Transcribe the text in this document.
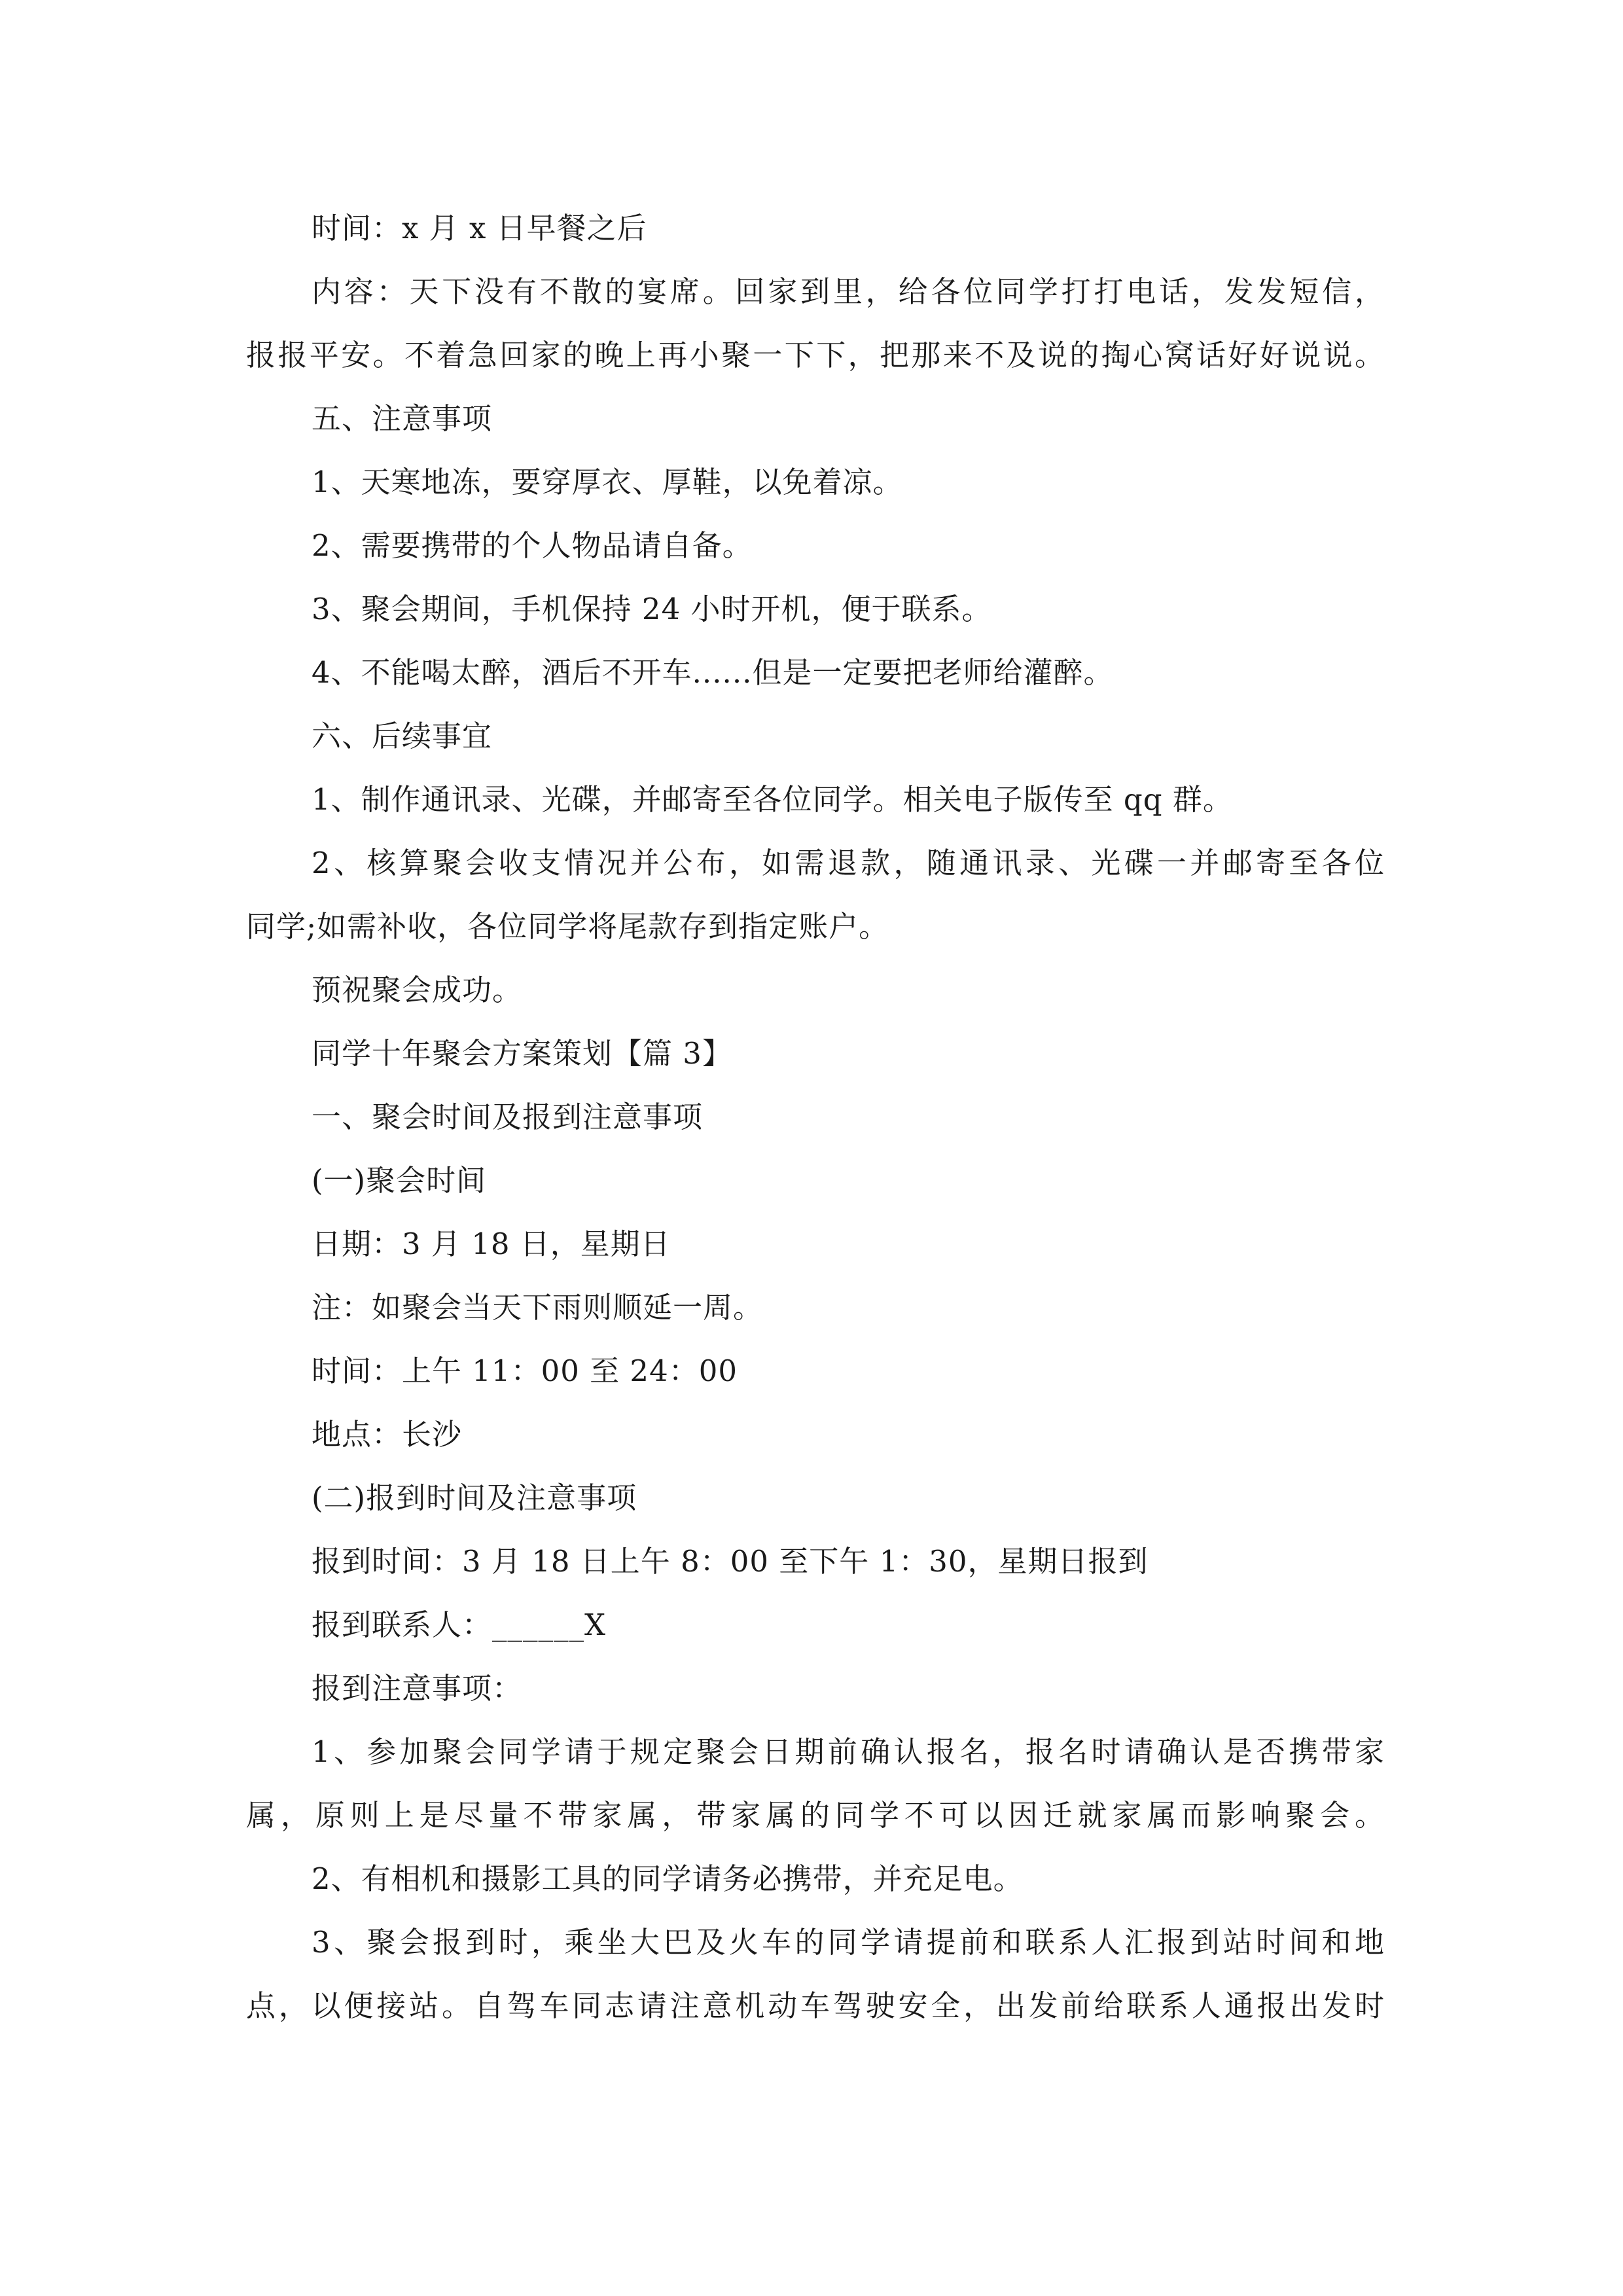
时间：x 月 x 日早餐之后
内容：天下没有不散的宴席。回家到里，给各位同学打打电话，发发短信，
报报平安。不着急回家的晚上再小聚一下下，把那来不及说的掏心窝话好好说说。
五、注意事项
1、天寒地冻，要穿厚衣、厚鞋，以免着凉。
2、需要携带的个人物品请自备。
3、聚会期间，手机保持 24 小时开机，便于联系。
4、不能喝太醉，酒后不开车......但是一定要把老师给灌醉。
六、后续事宜
1、制作通讯录、光碟，并邮寄至各位同学。相关电子版传至 qq 群。
2、核算聚会收支情况并公布，如需退款，随通讯录、光碟一并邮寄至各位
同学;如需补收，各位同学将尾款存到指定账户。
预祝聚会成功。
同学十年聚会方案策划【篇 3】
一、聚会时间及报到注意事项
(一)聚会时间
日期：3 月 18 日，星期日
注：如聚会当天下雨则顺延一周。
时间：上午 11：00 至 24：00
地点：长沙
(二)报到时间及注意事项
报到时间：3 月 18 日上午 8：00 至下午 1：30，星期日报到
报到联系人：______X
报到注意事项：
1、参加聚会同学请于规定聚会日期前确认报名，报名时请确认是否携带家
属，原则上是尽量不带家属，带家属的同学不可以因迁就家属而影响聚会。
2、有相机和摄影工具的同学请务必携带，并充足电。
3、聚会报到时，乘坐大巴及火车的同学请提前和联系人汇报到站时间和地
点，以便接站。自驾车同志请注意机动车驾驶安全，出发前给联系人通报出发时
